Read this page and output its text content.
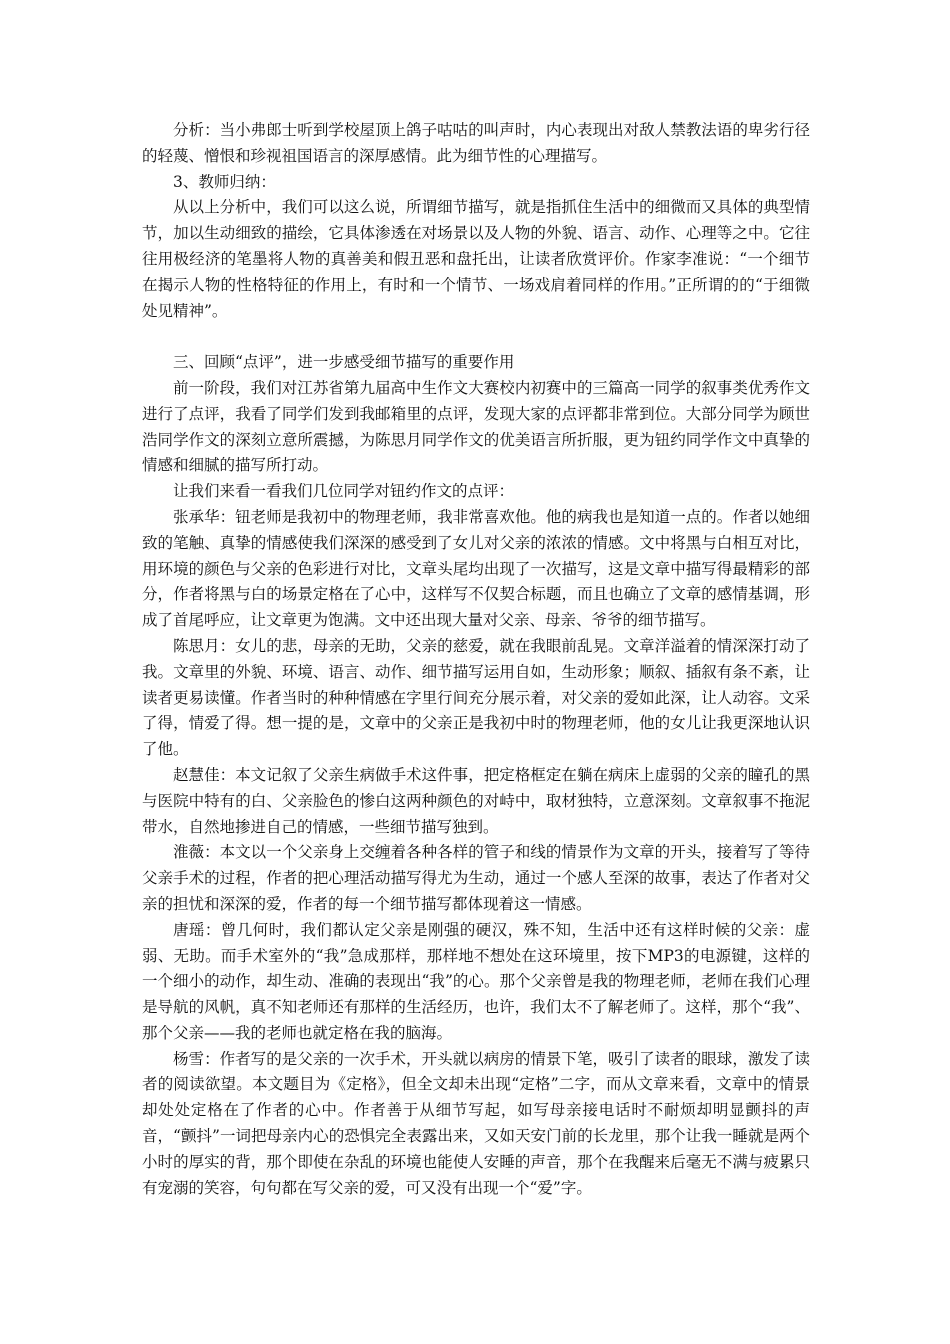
分析：当小弗郎士听到学校屋顶上鸽子咕咕的叫声时，内心表现出对敌人禁教法语的卑劣行径的轻蔑、憎恨和珍视祖国语言的深厚感情。此为细节性的心理描写。

3、教师归纳：

从以上分析中，我们可以这么说，所谓细节描写，就是指抓住生活中的细微而又具体的典型情节，加以生动细致的描绘，它具体渗透在对场景以及人物的外貌、语言、动作、心理等之中。它往往用极经济的笔墨将人物的真善美和假丑恶和盘托出，让读者欣赏评价。作家李准说：“一个细节在揭示人物的性格特征的作用上，有时和一个情节、一场戏肩着同样的作用。”正所谓的的“于细微处见精神”。

三、回顾“点评”，进一步感受细节描写的重要作用

前一阶段，我们对江苏省第九届高中生作文大赛校内初赛中的三篇高一同学的叙事类优秀作文进行了点评，我看了同学们发到我邮箱里的点评，发现大家的点评都非常到位。大部分同学为顾世浩同学作文的深刻立意所震撼，为陈思月同学作文的优美语言所折服，更为钮约同学作文中真挚的情感和细腻的描写所打动。

让我们来看一看我们几位同学对钮约作文的点评：

张承华：钮老师是我初中的物理老师，我非常喜欢他。他的病我也是知道一点的。作者以她细致的笔触、真挚的情感使我们深深的感受到了女儿对父亲的浓浓的情感。文中将黑与白相互对比，用环境的颜色与父亲的色彩进行对比，文章头尾均出现了一次描写，这是文章中描写得最精彩的部分，作者将黑与白的场景定格在了心中，这样写不仅契合标题，而且也确立了文章的感情基调，形成了首尾呼应，让文章更为饱满。文中还出现大量对父亲、母亲、爷爷的细节描写。

陈思月：女儿的悲，母亲的无助，父亲的慈爱，就在我眼前乱晃。文章洋溢着的情深深打动了我。文章里的外貌、环境、语言、动作、细节描写运用自如，生动形象；顺叙、插叙有条不紊，让读者更易读懂。作者当时的种种情感在字里行间充分展示着，对父亲的爱如此深，让人动容。文采了得，情爱了得。想一提的是，文章中的父亲正是我初中时的物理老师，他的女儿让我更深地认识了他。

赵慧佳：本文记叙了父亲生病做手术这件事，把定格框定在躺在病床上虚弱的父亲的瞳孔的黑与医院中特有的白、父亲脸色的惨白这两种颜色的对峙中，取材独特，立意深刻。文章叙事不拖泥带水，自然地掺进自己的情感，一些细节描写独到。

淮薇：本文以一个父亲身上交缠着各种各样的管子和线的情景作为文章的开头，接着写了等待父亲手术的过程，作者的把心理活动描写得尤为生动，通过一个感人至深的故事，表达了作者对父亲的担忧和深深的爱，作者的每一个细节描写都体现着这一情感。

唐瑶：曾几何时，我们都认定父亲是刚强的硬汉，殊不知，生活中还有这样时候的父亲：虚弱、无助。而手术室外的“我”急成那样，那样地不想处在这环境里，按下MP3的电源键，这样的一个细小的动作，却生动、准确的表现出“我”的心。那个父亲曾是我的物理老师，老师在我们心理是导航的风帆，真不知老师还有那样的生活经历，也许，我们太不了解老师了。这样，那个“我”、那个父亲——我的老师也就定格在我的脑海。

杨雪：作者写的是父亲的一次手术，开头就以病房的情景下笔，吸引了读者的眼球，激发了读者的阅读欲望。本文题目为《定格》，但全文却未出现“定格”二字，而从文章来看，文章中的情景却处处定格在了作者的心中。作者善于从细节写起，如写母亲接电话时不耐烦却明显颤抖的声音，“颤抖”一词把母亲内心的恐惧完全表露出来，又如天安门前的长龙里，那个让我一睡就是两个小时的厚实的背，那个即使在杂乱的环境也能使人安睡的声音，那个在我醒来后毫无不满与疲累只有宠溺的笑容，句句都在写父亲的爱，可又没有出现一个“爱”字。
